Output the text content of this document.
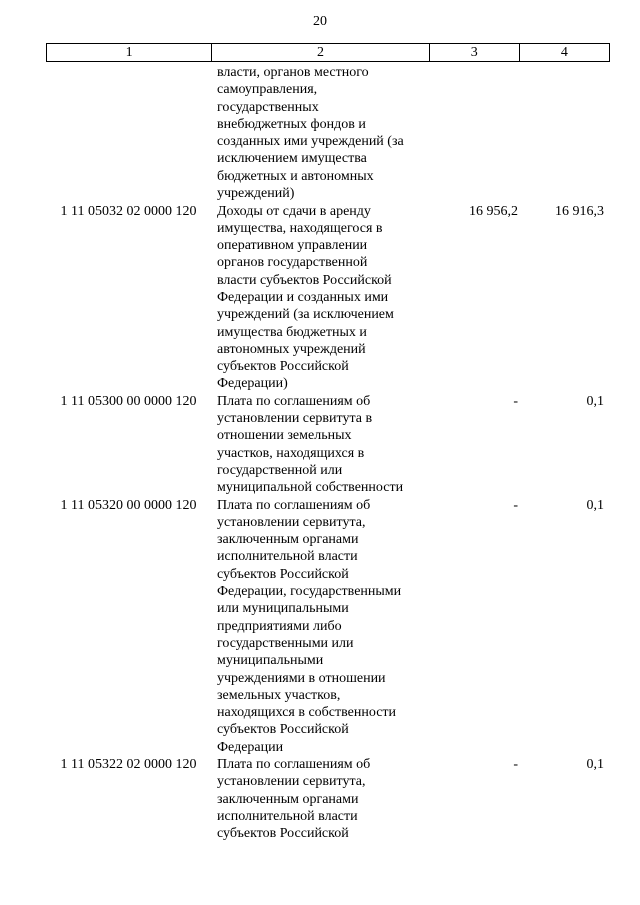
20
1	2	3	4
власти, органов местного
самоуправления,
государственных
внебюджетных фондов и
созданных ими учреждений (за
исключением имущества
бюджетных и автономных
учреждений)
1 11 05032 02 0000 120	Доходы от сдачи в аренду
имущества, находящегося в
оперативном управлении
органов государственной
власти субъектов Российской
Федерации и созданных ими
учреждений (за исключением
имущества бюджетных и
автономных учреждений
субъектов Российской
Федерации)
16 956,2	16 916,3
1 11 05300 00 0000 120	Плата по соглашениям об
установлении сервитута в
отношении земельных
участков, находящихся в
государственной или
муниципальной собственности
-	0,1
1 11 05320 00 0000 120	Плата по соглашениям об
установлении сервитута,
заключенным органами
исполнительной власти
субъектов Российской
Федерации, государственными
или муниципальными
предприятиями либо
государственными или
муниципальными
учреждениями в отношении
земельных участков,
находящихся в собственности
субъектов Российской
Федерации
-	0,1
1 11 05322 02 0000 120	Плата по соглашениям об
установлении сервитута,
заключенным органами
исполнительной власти
субъектов Российской
-	0,1
